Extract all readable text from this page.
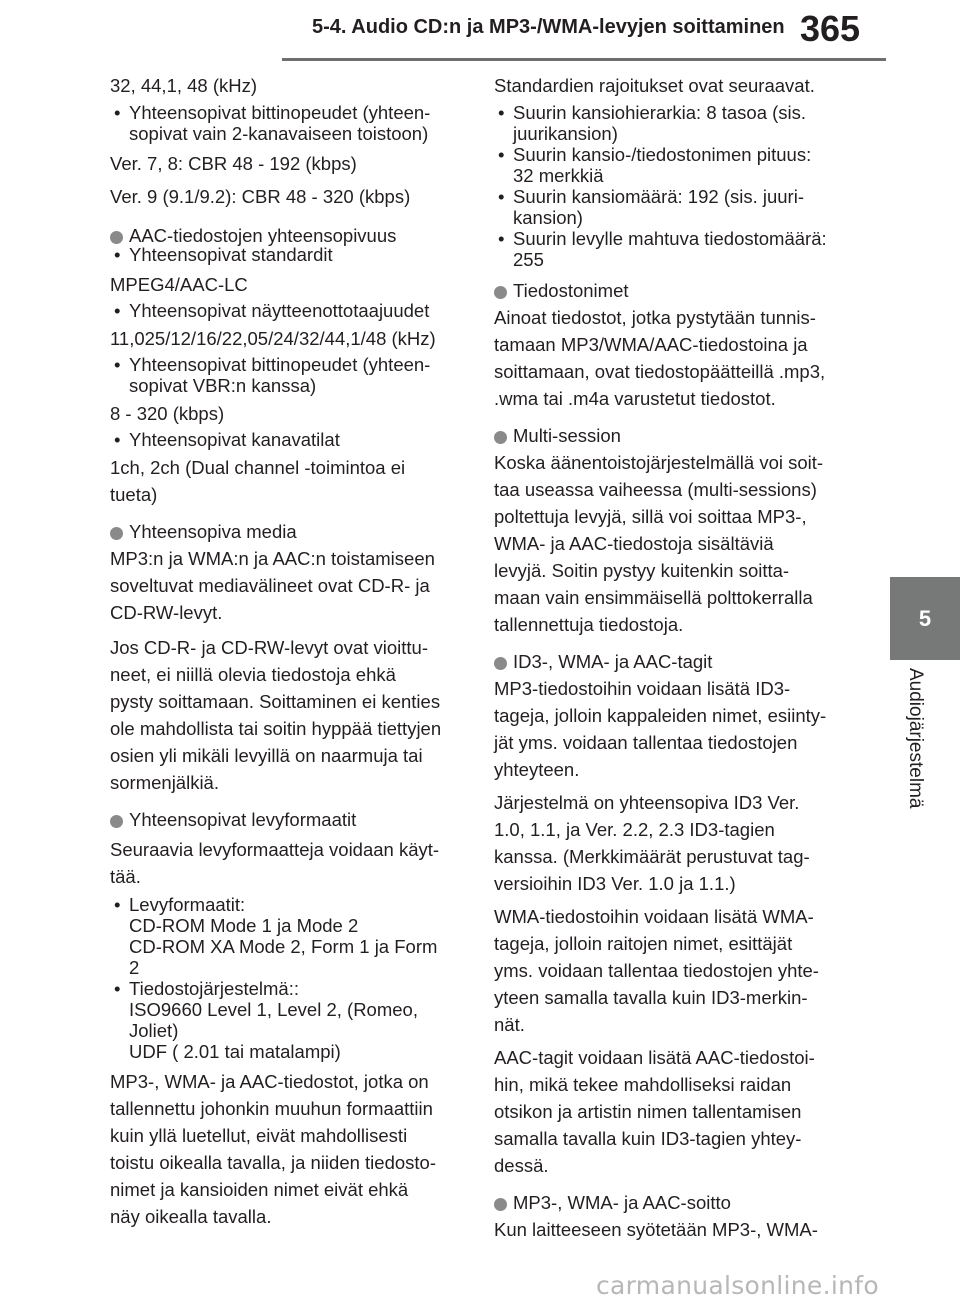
5-4. Audio CD:n ja MP3-/WMA-levyjen soittaminen 365
5
Audiojärjestelmä
32, 44,1, 48 (kHz)
• Yhteensopivat bittinopeudet (yhteen-
sopivat vain 2-kanavaiseen toistoon)
Ver. 7, 8: CBR 48 - 192 (kbps)
Ver. 9 (9.1/9.2): CBR 48 - 320 (kbps)
AAC-tiedostojen yhteensopivuus
• Yhteensopivat standardit
MPEG4/AAC-LC
• Yhteensopivat näytteenottotaajuudet
11,025/12/16/22,05/24/32/44,1/48 (kHz)
• Yhteensopivat bittinopeudet (yhteen-
sopivat VBR:n kanssa)
8 - 320 (kbps)
• Yhteensopivat kanavatilat
1ch, 2ch (Dual channel -toimintoa ei
tueta)
Yhteensopiva media
MP3:n ja WMA:n ja AAC:n toistamiseen
soveltuvat mediavälineet ovat CD-R- ja
CD-RW-levyt.
Jos CD-R- ja CD-RW-levyt ovat vioittu-
neet, ei niillä olevia tiedostoja ehkä
pysty soittamaan. Soittaminen ei kenties
ole mahdollista tai soitin hyppää tiettyjen
osien yli mikäli levyillä on naarmuja tai
sormenjälkiä.
Yhteensopivat levyformaatit
Seuraavia levyformaatteja voidaan käyt-
tää.
• Levyformaatit:
CD-ROM Mode 1 ja Mode 2
CD-ROM XA Mode 2, Form 1 ja Form
2
• Tiedostojärjestelmä::
ISO9660 Level 1, Level 2, (Romeo,
Joliet)
UDF ( 2.01 tai matalampi)
MP3-, WMA- ja AAC-tiedostot, jotka on
tallennettu johonkin muuhun formaattiin
kuin yllä luetellut, eivät mahdollisesti
toistu oikealla tavalla, ja niiden tiedosto-
nimet ja kansioiden nimet eivät ehkä
näy oikealla tavalla.
Standardien rajoitukset ovat seuraavat.
• Suurin kansiohierarkia: 8 tasoa (sis.
juurikansion)
• Suurin kansio-/tiedostonimen pituus:
32 merkkiä
• Suurin kansiomäärä: 192 (sis. juuri-
kansion)
• Suurin levylle mahtuva tiedostomäärä:
255
Tiedostonimet
Ainoat tiedostot, jotka pystytään tunnis-
tamaan MP3/WMA/AAC-tiedostoina ja
soittamaan, ovat tiedostopäätteillä .mp3,
.wma tai .m4a varustetut tiedostot.
Multi-session
Koska äänentoistojärjestelmällä voi soit-
taa useassa vaiheessa (multi-sessions)
poltettuja levyjä, sillä voi soittaa MP3-,
WMA- ja AAC-tiedostoja sisältäviä
levyjä. Soitin pystyy kuitenkin soitta-
maan vain ensimmäisellä polttokerralla
tallennettuja tiedostoja.
ID3-, WMA- ja AAC-tagit
MP3-tiedostoihin voidaan lisätä ID3-
tageja, jolloin kappaleiden nimet, esiinty-
jät yms. voidaan tallentaa tiedostojen
yhteyteen.
Järjestelmä on yhteensopiva ID3 Ver.
1.0, 1.1, ja Ver. 2.2, 2.3 ID3-tagien
kanssa. (Merkkimäärät perustuvat tag-
versioihin ID3 Ver. 1.0 ja 1.1.)
WMA-tiedostoihin voidaan lisätä WMA-
tageja, jolloin raitojen nimet, esittäjät
yms. voidaan tallentaa tiedostojen yhte-
yteen samalla tavalla kuin ID3-merkin-
nät.
AAC-tagit voidaan lisätä AAC-tiedostoi-
hin, mikä tekee mahdolliseksi raidan
otsikon ja artistin nimen tallentamisen
samalla tavalla kuin ID3-tagien yhtey-
dessä.
MP3-, WMA- ja AAC-soitto
Kun laitteeseen syötetään MP3-, WMA-
carmanualsonline.info
